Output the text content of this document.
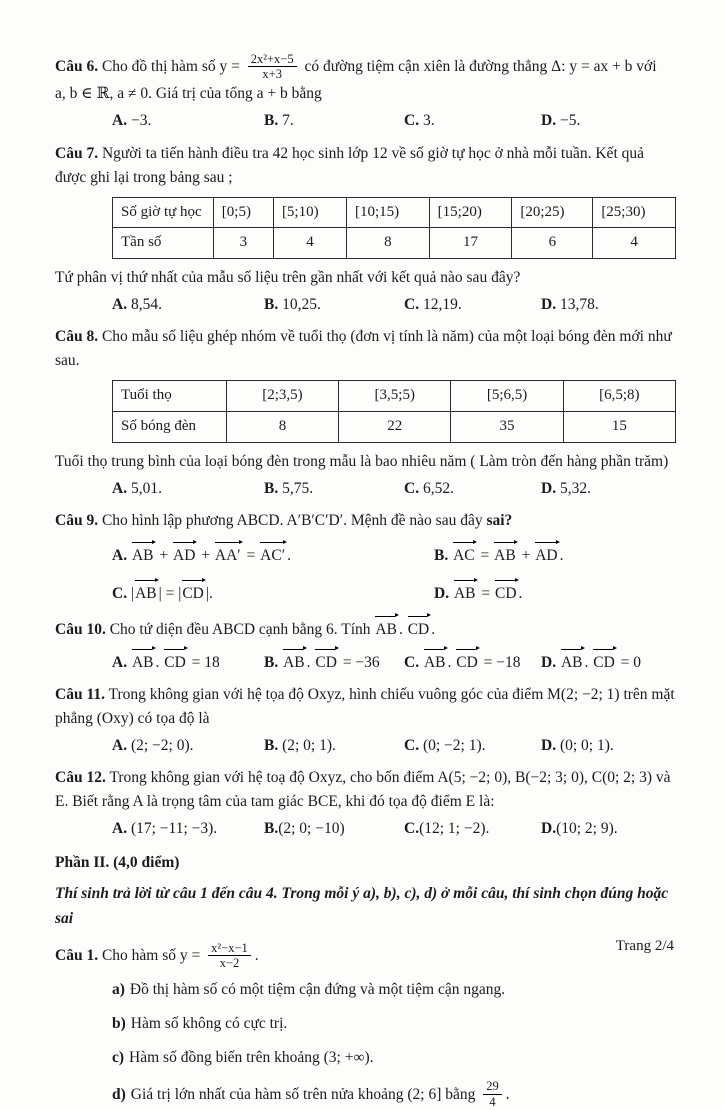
Câu 6. Cho đồ thị hàm số $y = \frac{\text{2x²+x−5}}{x+3}$ có đường tiệm cận xiên là đường thẳng Δ: y = ax + b với

a, b ∈ ℝ, a ≠ 0. Giá trị của tổng a + b bằng

A. −3.	B. 7.	C. 3.	D. −5.

Câu 7. Người ta tiến hành điều tra 42 học sinh lớp 12 về số giờ tự học ở nhà mỗi tuần. Kết quả được ghi lại trong bảng sau ;

Số giờ tự học	[0;5)	[5;10)	[10;15)	[15;20)	[20;25)	[25;30)
Tần số	3	4	8	17	6	4

Tứ phân vị thứ nhất của mẫu số liệu trên gần nhất với kết quả nào sau đây?

A. 8,54.	B. 10,25.	C. 12,19.	D. 13,78.

Câu 8. Cho mẫu số liệu ghép nhóm về tuổi thọ (đơn vị tính là năm) của một loại bóng đèn mới như sau.

Tuổi thọ	[2;3,5)	[3,5;5)	[5;6,5)	[6,5;8)
Số bóng đèn	8	22	35	15

Tuổi thọ trung bình của loại bóng đèn trong mẫu là bao nhiêu năm ( Làm tròn đến hàng phần trăm)

A. 5,01.	B. 5,75.	C. 6,52.	D. 5,32.

Câu 9. Cho hình lập phương ABCD. A′B′C′D′. Mệnh đề nào sau đây sai?

A. AB + AD + AA′ = AC′ .	B. AC = AB + AD .
C. |AB | = |CD |.	D. AB = CD .

Câu 10. Cho tứ diện đều ABCD cạnh bằng 6. Tính AB . CD .

A. AB . CD = 18	B. AB . CD = −36	C. AB . CD = −18	D. AB . CD = 0

Câu 11. Trong không gian với hệ tọa độ Oxyz, hình chiếu vuông góc của điểm M(2; −2; 1) trên mặt phẳng (Oxy) có tọa độ là

A. (2; −2; 0).	B. (2; 0; 1).	C. (0; −2; 1).	D. (0; 0; 1).

Câu 12. Trong không gian với hệ toạ độ Oxyz, cho bốn điểm A(5; −2; 0), B(−2; 3; 0), C(0; 2; 3) và E. Biết rằng A là trọng tâm của tam giác BCE, khi đó tọa độ điểm E là:

A. (17; −11; −3).	B.(2; 0; −10)	C.(12; 1; −2).	D.(10; 2; 9).

Phần II. (4,0 điểm)

Thí sinh trả lời từ câu 1 đến câu 4. Trong mỗi ý a), b), c), d) ở mỗi câu, thí sinh chọn đúng hoặc sai

Câu 1. Cho hàm số $y = \frac{\text{x²−x−1}}{x-2}$ .

a) Đồ thị hàm số có một tiệm cận đứng và một tiệm cận ngang.

b) Hàm số không có cực trị.

c) Hàm số đồng biến trên khoảng (3; +∞).

d) Giá trị lớn nhất của hàm số trên nửa khoảng (2; 6] bằng $\frac{29}{4}$ .

Trang 2/4
